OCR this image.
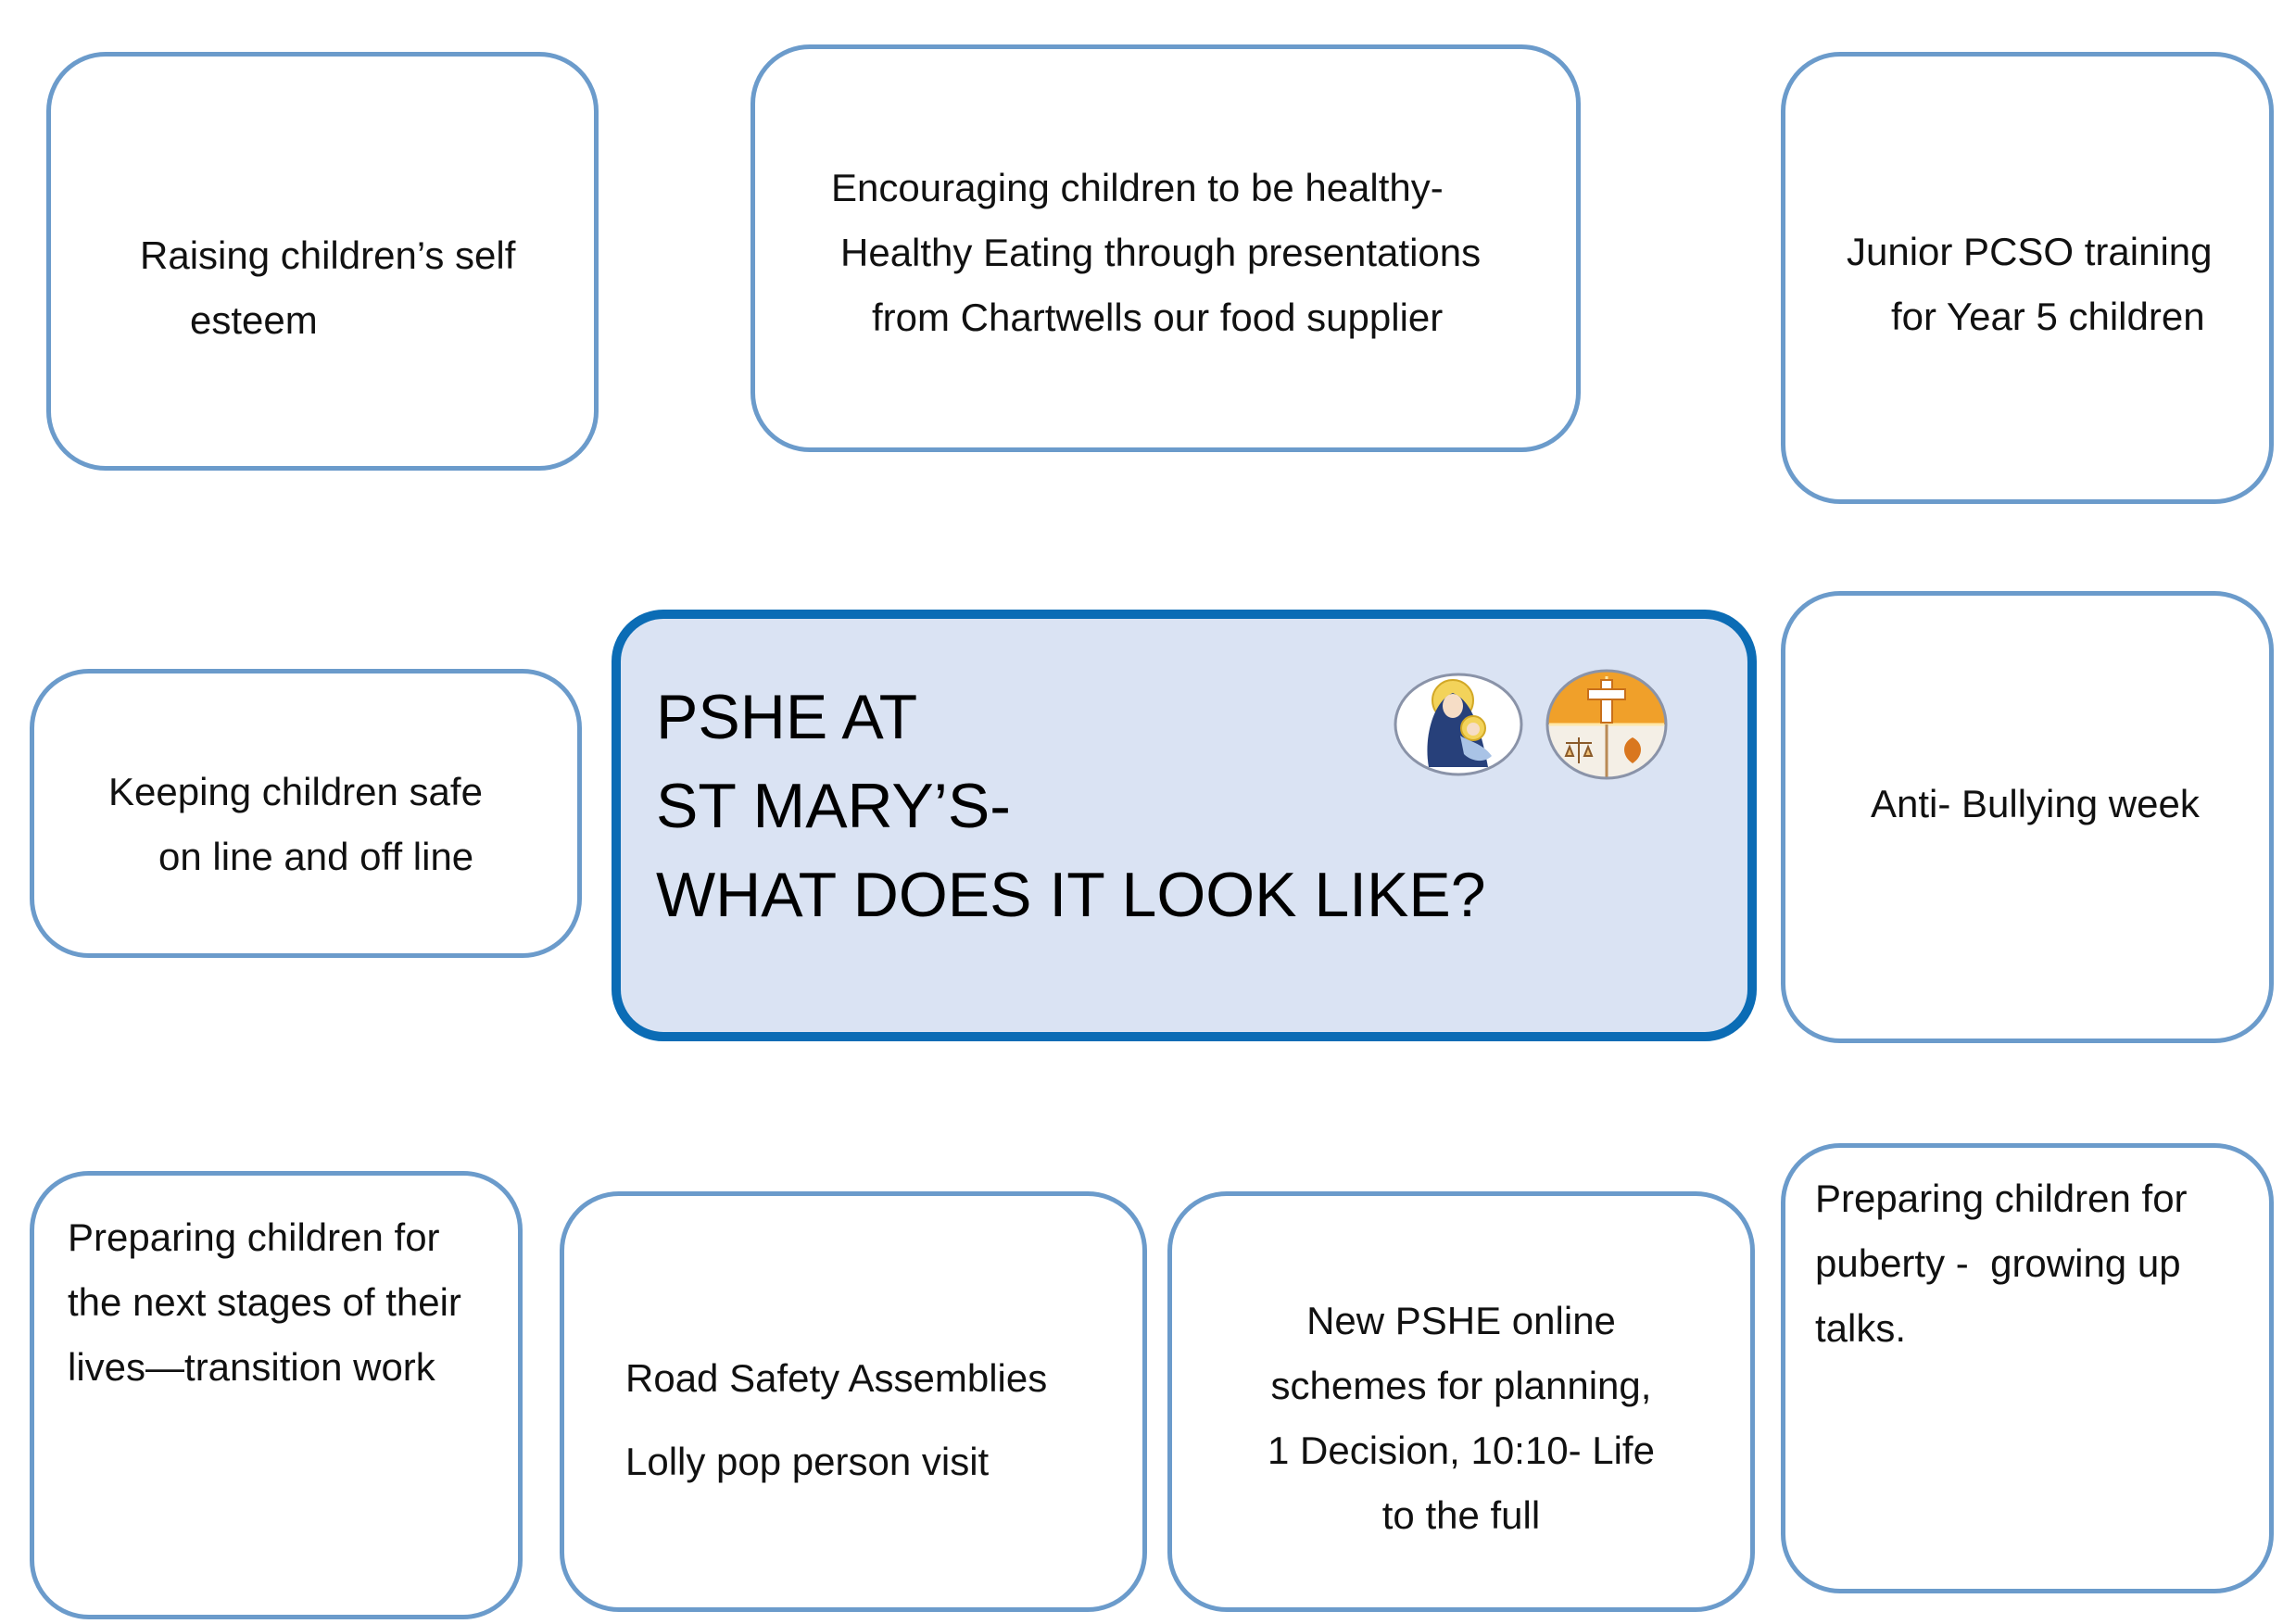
Raising children’s self
esteem
Encouraging children to be healthy-
Healthy Eating through presentations
from Chartwells our food supplier
Junior PCSO training
for Year 5 children
Keeping children safe
on line and off line
PSHE AT
ST MARY’S-
WHAT DOES IT LOOK LIKE?
Anti- Bullying week
Preparing children for
the next stages of their
lives—transition work	Road Safety Assemblies
Lolly pop person visit
New PSHE online
schemes for planning,
1 Decision, 10:10- Life
to the full
Preparing children for
puberty -  growing up
talks.
